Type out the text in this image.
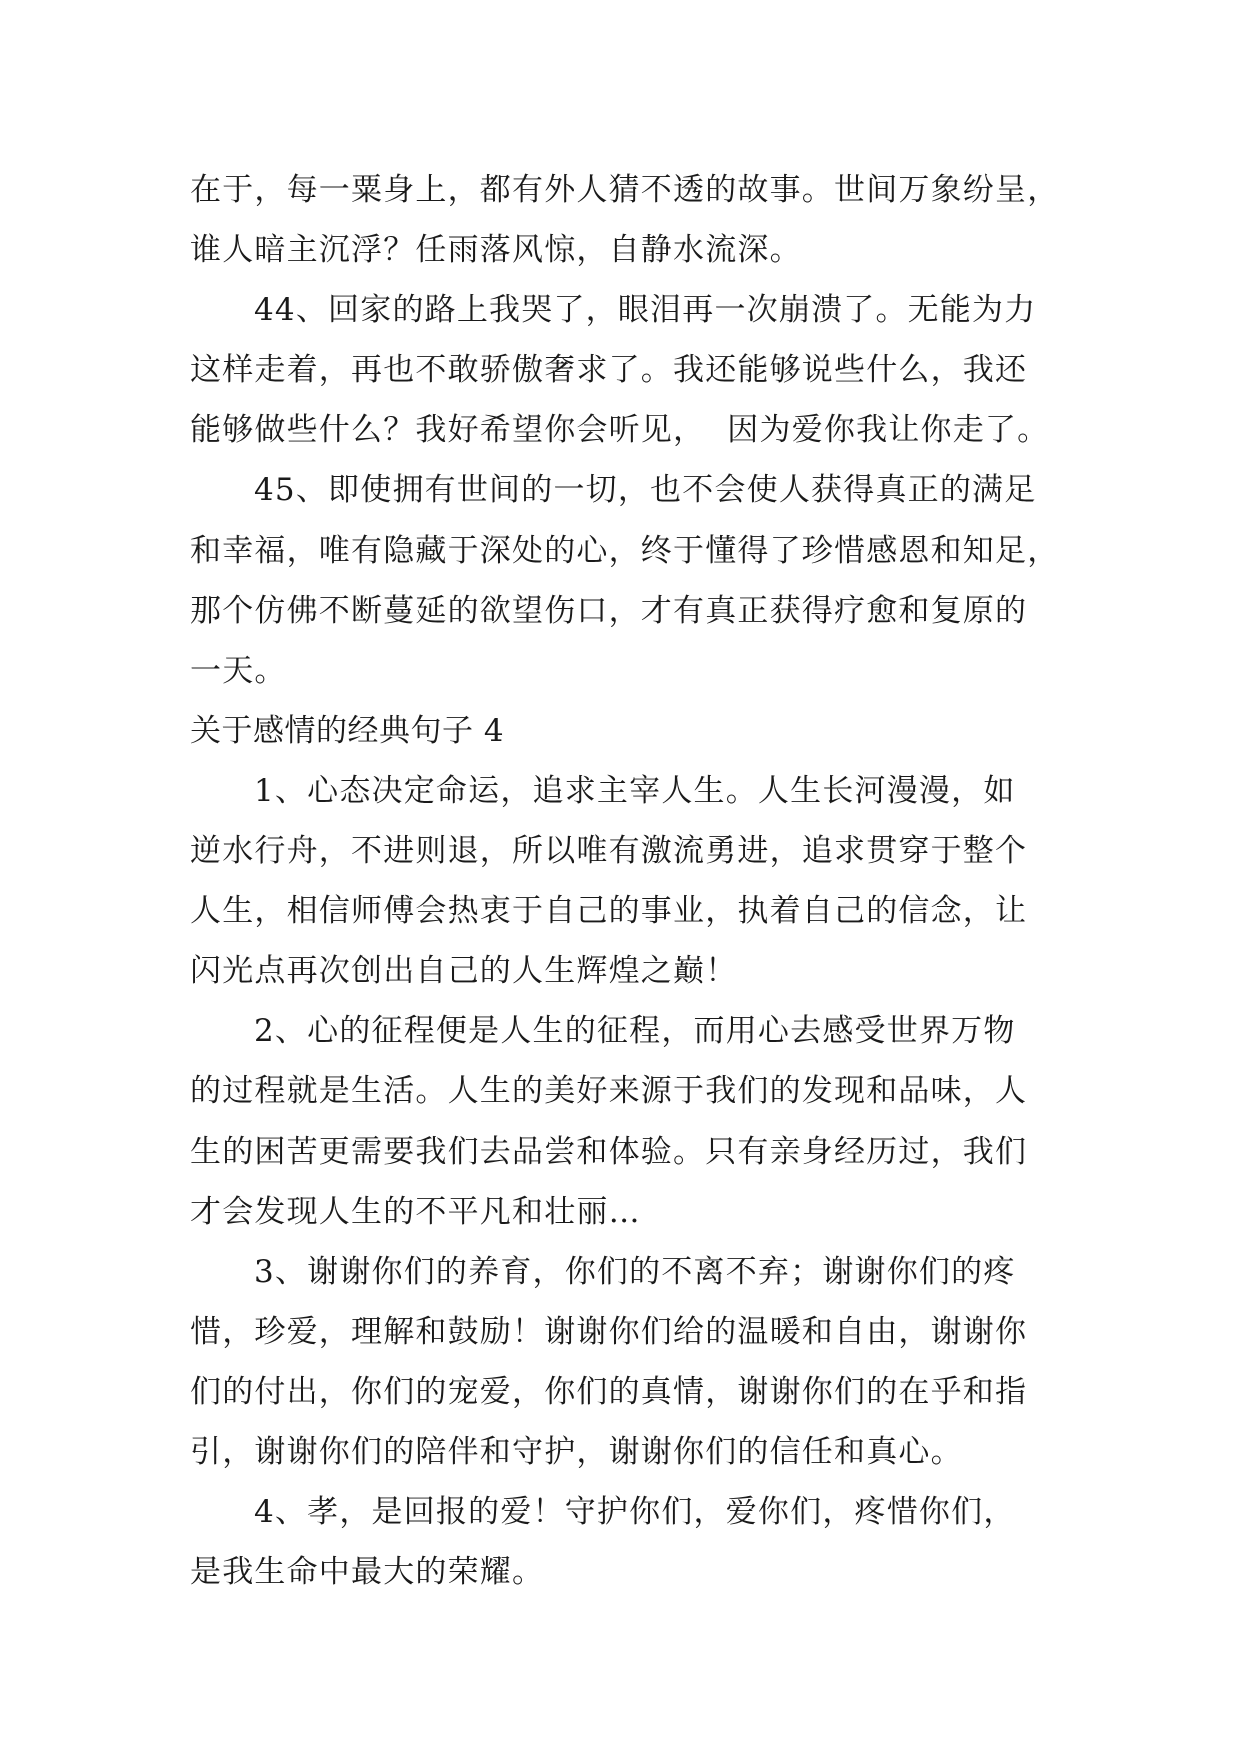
在于，每一粟身上，都有外人猜不透的故事。世间万象纷呈，
谁人暗主沉浮？任雨落风惊，自静水流深。
44、回家的路上我哭了，眼泪再一次崩溃了。无能为力
这样走着，再也不敢骄傲奢求了。我还能够说些什么，我还
能够做些什么？我好希望你会听见，  因为爱你我让你走了。
45、即使拥有世间的一切，也不会使人获得真正的满足
和幸福，唯有隐藏于深处的心，终于懂得了珍惜感恩和知足，
那个仿佛不断蔓延的欲望伤口，才有真正获得疗愈和复原的
一天。
关于感情的经典句子 4
1、心态决定命运，追求主宰人生。人生长河漫漫，如
逆水行舟，不进则退，所以唯有激流勇进，追求贯穿于整个
人生，相信师傅会热衷于自己的事业，执着自己的信念，让
闪光点再次创出自己的人生辉煌之巅！
2、心的征程便是人生的征程，而用心去感受世界万物
的过程就是生活。人生的美好来源于我们的发现和品味，人
生的困苦更需要我们去品尝和体验。只有亲身经历过，我们
才会发现人生的不平凡和壮丽…
3、谢谢你们的养育，你们的不离不弃；谢谢你们的疼
惜，珍爱，理解和鼓励！谢谢你们给的温暖和自由，谢谢你
们的付出，你们的宠爱，你们的真情，谢谢你们的在乎和指
引，谢谢你们的陪伴和守护，谢谢你们的信任和真心。
4、孝，是回报的爱！守护你们，爱你们，疼惜你们，
是我生命中最大的荣耀。
